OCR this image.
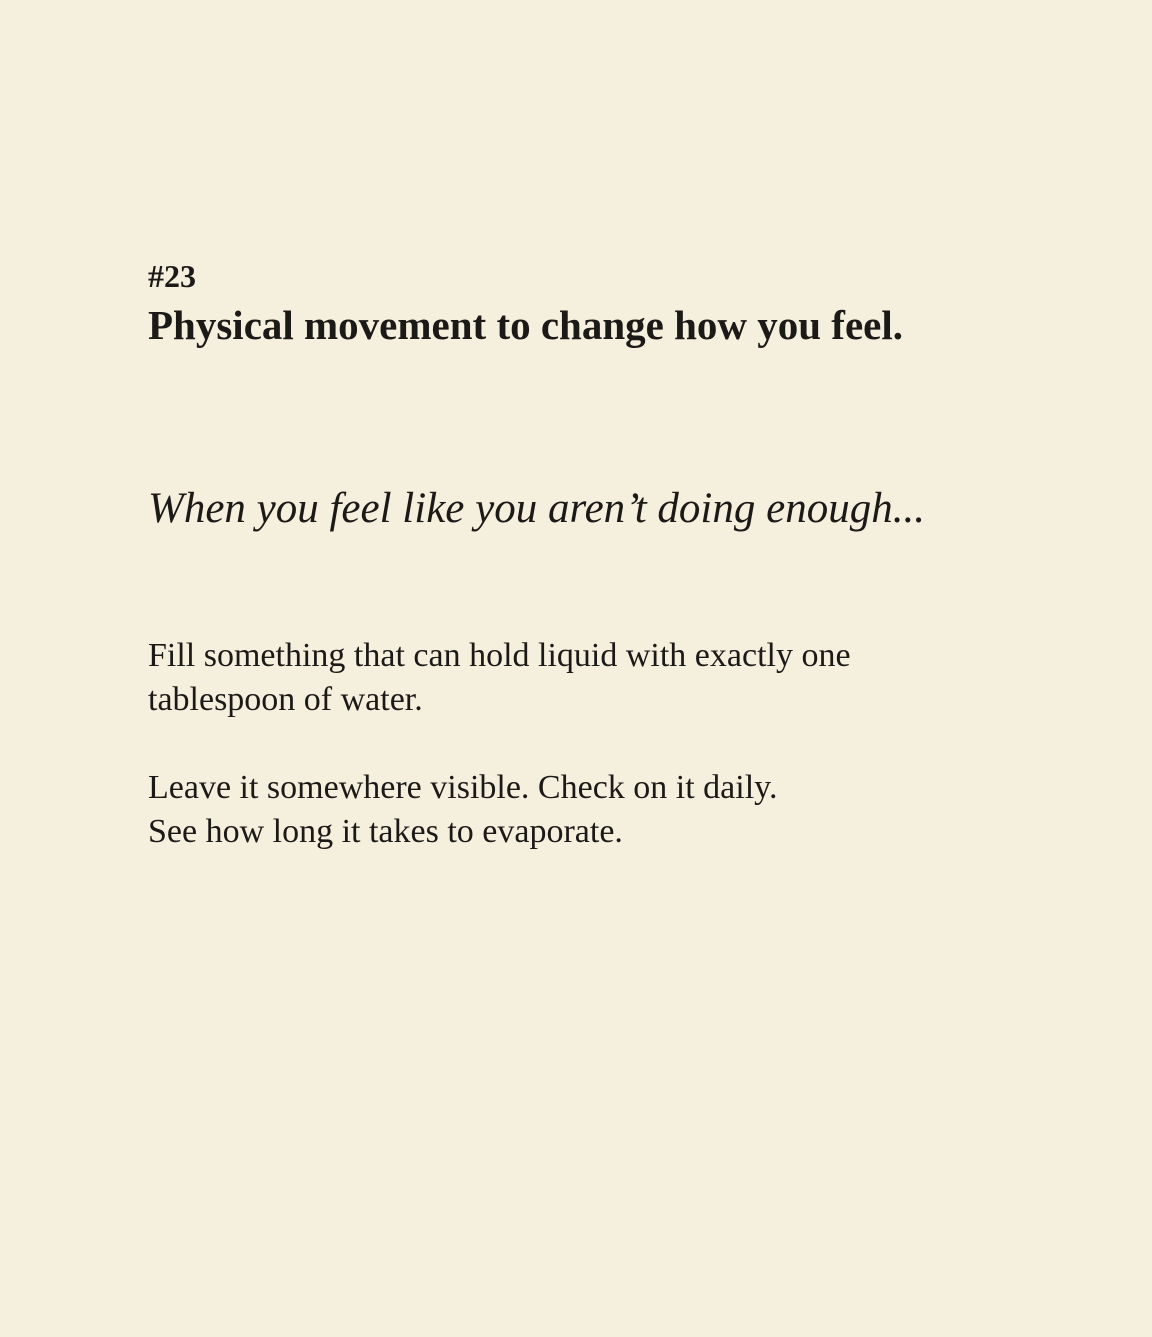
#23

Physical movement to change how you feel.

When you feel like you aren’t doing enough...

Fill something that can hold liquid with exactly one
tablespoon of water.

Leave it somewhere visible. Check on it daily.
See how long it takes to evaporate.
